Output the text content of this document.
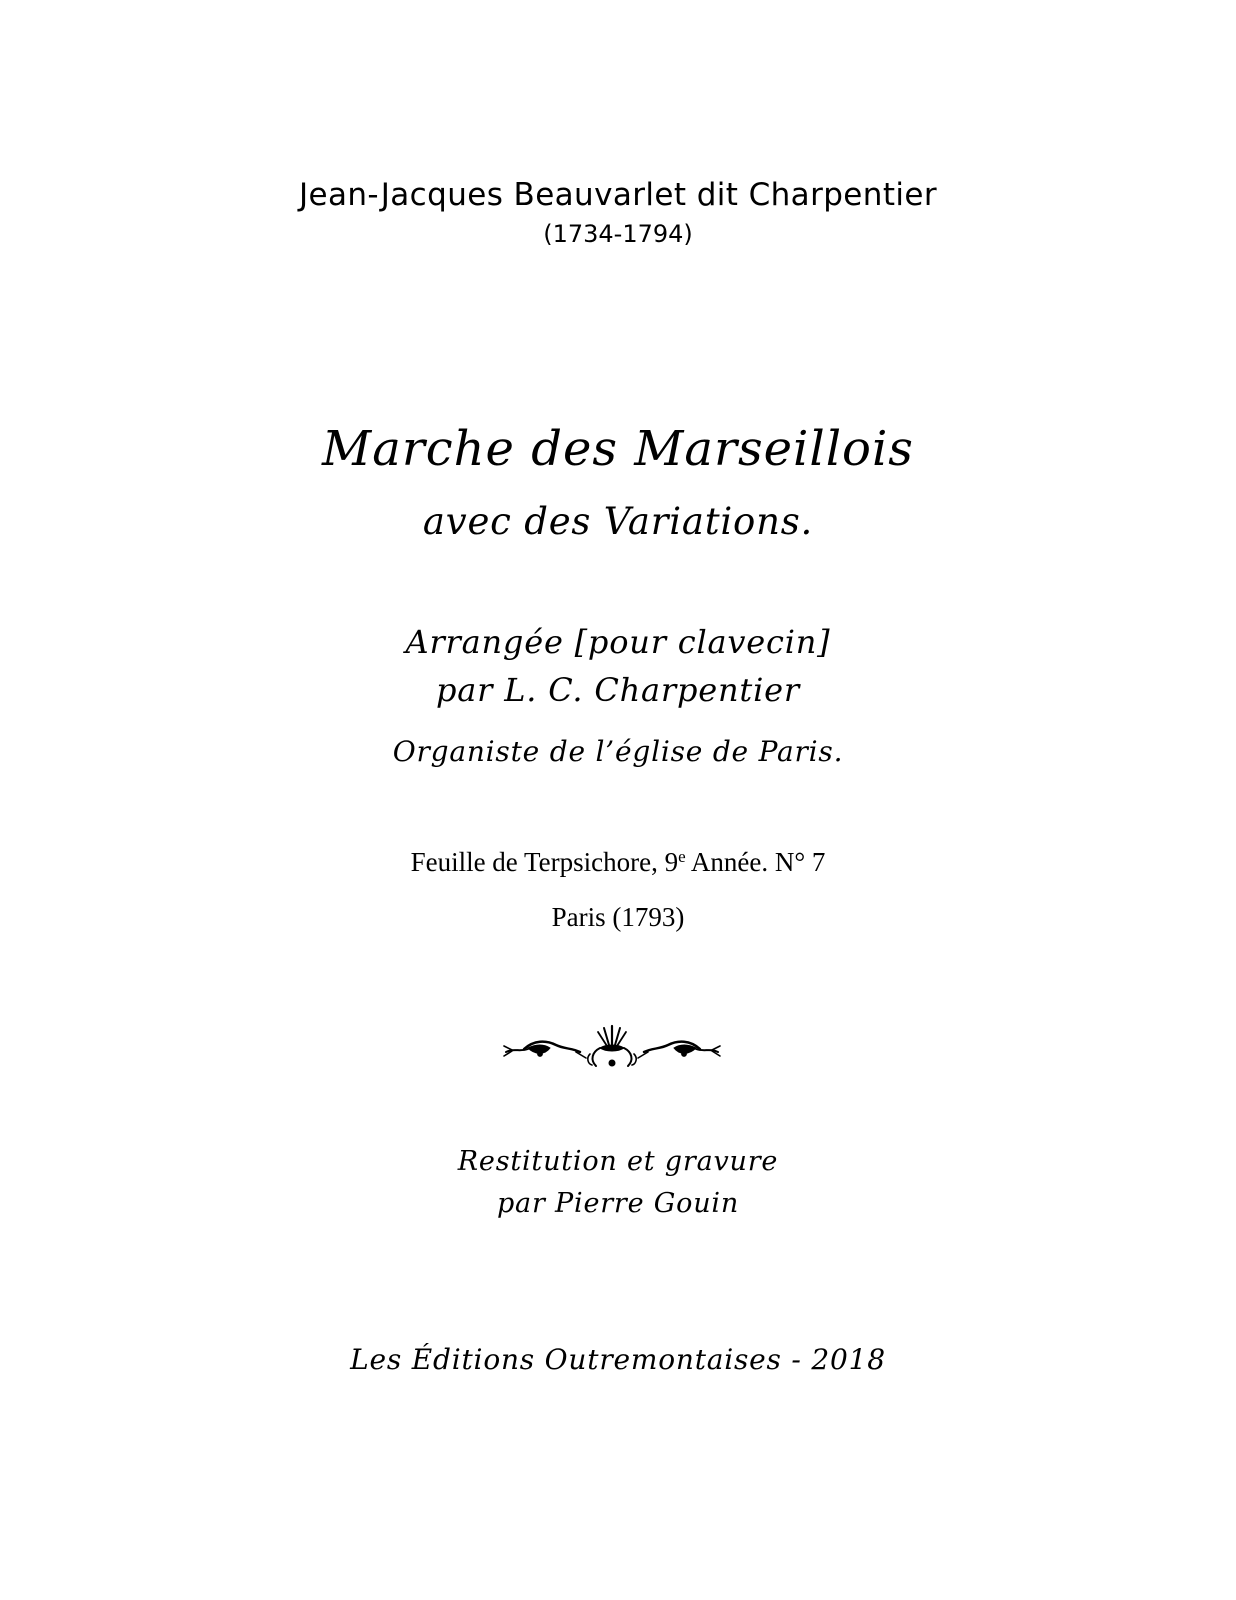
Jean-Jacques Beauvarlet dit Charpentier
(1734-1794)
Marche des Marseillois
avec des Variations.
Arrangée [pour clavecin]
par L. C. Charpentier
Organiste de l’église de Paris.
Feuille de Terpsichore, 9e Année. N° 7
Paris (1793)
Restitution et gravure
par Pierre Gouin
Les Éditions Outremontaises - 2018
